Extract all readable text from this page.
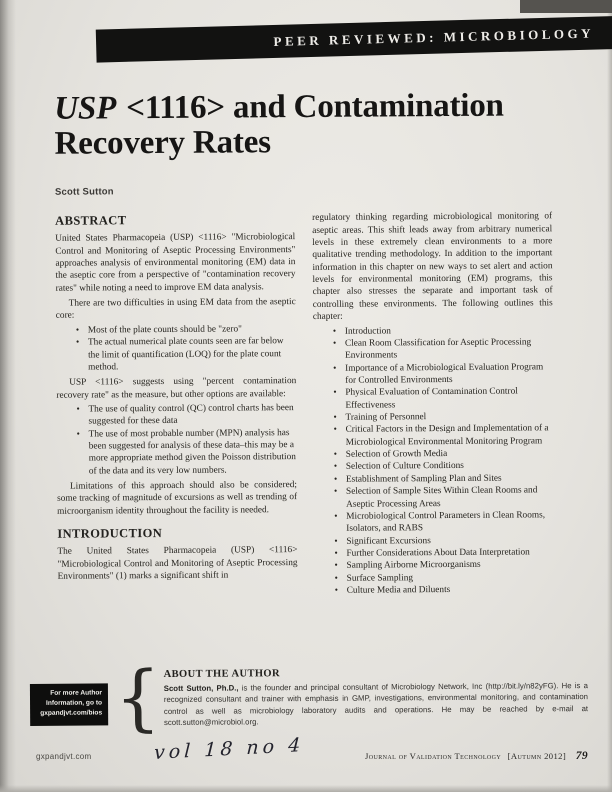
PEER REVIEWED: MICROBIOLOGY
USP <1116> and Contamination
Recovery Rates
Scott Sutton
ABSTRACT

United States Pharmacopeia (USP) <1116> "Microbiological Control and Monitoring of Aseptic Processing Environments" approaches analysis of environmental monitoring (EM) data in the aseptic core from a perspective of "contamination recovery rates" while noting a need to improve EM data analysis.

There are two difficulties in using EM data from the aseptic core:

• Most of the plate counts should be "zero"
• The actual numerical plate counts seen are far below the limit of quantification (LOQ) for the plate count method.

USP <1116> suggests using "percent contamination recovery rate" as the measure, but other options are available:

• The use of quality control (QC) control charts has been suggested for these data
• The use of most probable number (MPN) analysis has been suggested for analysis of these data–this may be a more appropriate method given the Poisson distribution of the data and its very low numbers.

Limitations of this approach should also be considered; some tracking of magnitude of excursions as well as trending of microorganism identity throughout the facility is needed.

INTRODUCTION

The United States Pharmacopeia (USP) <1116> "Microbiological Control and Monitoring of Aseptic Processing Environments" (1) marks a significant shift in

regulatory thinking regarding microbiological monitoring of aseptic areas. This shift leads away from arbitrary numerical levels in these extremely clean environments to a more qualitative trending methodology. In addition to the important information in this chapter on new ways to set alert and action levels for environmental monitoring (EM) programs, this chapter also stresses the separate and important task of controlling these environments. The following outlines this chapter:

• Introduction
• Clean Room Classification for Aseptic Processing Environments
• Importance of a Microbiological Evaluation Program for Controlled Environments
• Physical Evaluation of Contamination Control Effectiveness
• Training of Personnel
• Critical Factors in the Design and Implementation of a Microbiological Environmental Monitoring Program
• Selection of Growth Media
• Selection of Culture Conditions
• Establishment of Sampling Plan and Sites
• Selection of Sample Sites Within Clean Rooms and Aseptic Processing Areas
• Microbiological Control Parameters in Clean Rooms, Isolators, and RABS
• Significant Excursions
• Further Considerations About Data Interpretation
• Sampling Airborne Microorganisms
• Surface Sampling
• Culture Media and Diluents
For more Author Information, go to gxpandjvt.com/bios { ABOUT THE AUTHOR

Scott Sutton, Ph.D., is the founder and principal consultant of Microbiology Network, Inc (http://bit.ly/n82yFG). He is a recognized consultant and trainer with emphasis in GMP, investigations, environmental monitoring, and contamination control as well as microbiology laboratory audits and operations. He may be reached by e-mail at scott.sutton@microbiol.org.

gxpandjvt.com	vol 18 no 4	Journal of Validation Technology [Autumn 2012] 79
